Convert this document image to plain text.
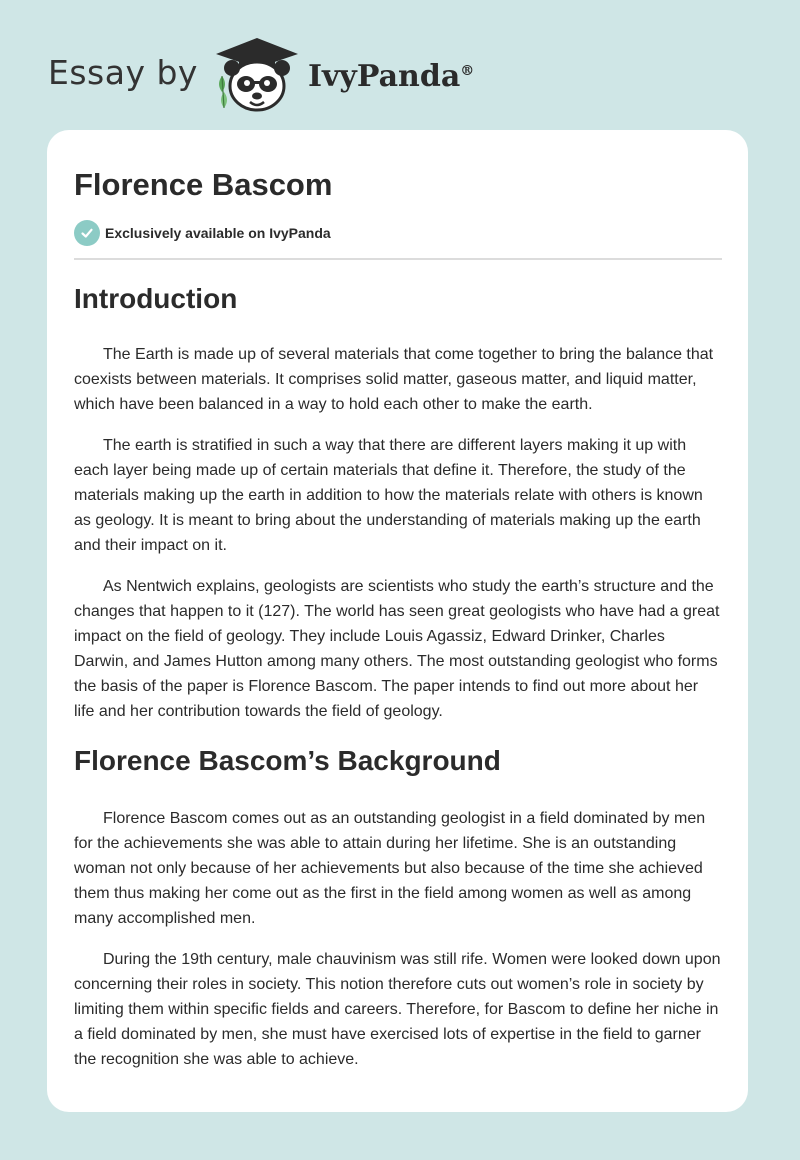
Essay by	IvyPanda®
Florence Bascom
Exclusively available on IvyPanda
Introduction

The Earth is made up of several materials that come together to bring the balance that coexists between materials. It comprises solid matter, gaseous matter, and liquid matter, which have been balanced in a way to hold each other to make the earth.

The earth is stratified in such a way that there are different layers making it up with each layer being made up of certain materials that define it. Therefore, the study of the materials making up the earth in addition to how the materials relate with others is known as geology. It is meant to bring about the understanding of materials making up the earth and their impact on it.

As Nentwich explains, geologists are scientists who study the earth’s structure and the changes that happen to it (127). The world has seen great geologists who have had a great impact on the field of geology. They include Louis Agassiz, Edward Drinker, Charles Darwin, and James Hutton among many others. The most outstanding geologist who forms the basis of the paper is Florence Bascom. The paper intends to find out more about her life and her contribution towards the field of geology.

Florence Bascom’s Background

Florence Bascom comes out as an outstanding geologist in a field dominated by men for the achievements she was able to attain during her lifetime. She is an outstanding woman not only because of her achievements but also because of the time she achieved them thus making her come out as the first in the field among women as well as among many accomplished men.

During the 19th century, male chauvinism was still rife. Women were looked down upon concerning their roles in society. This notion therefore cuts out women’s role in society by limiting them within specific fields and careers. Therefore, for Bascom to define her niche in a field dominated by men, she must have exercised lots of expertise in the field to garner the recognition she was able to achieve.
